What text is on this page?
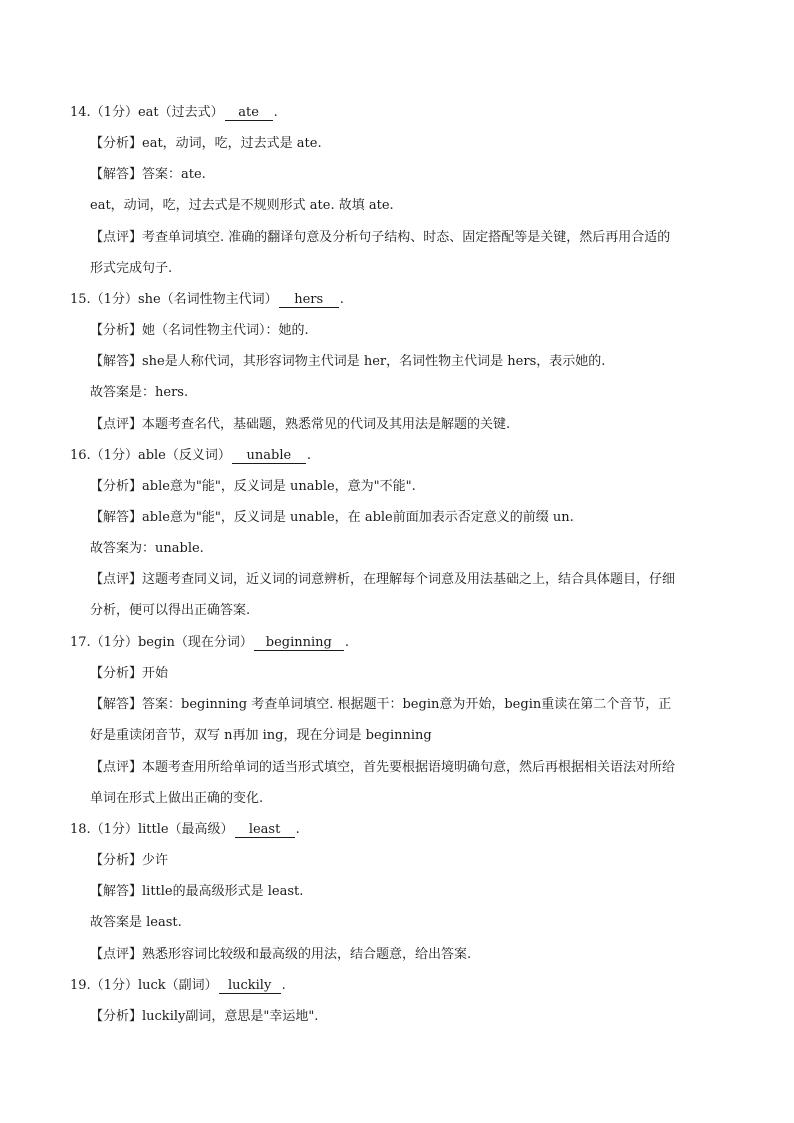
14.（1分）eat（过去式） ate .
【分析】eat，动词，吃，过去式是 ate.
【解答】答案：ate.
eat，动词，吃，过去式是不规则形式 ate. 故填 ate.
【点评】考查单词填空. 准确的翻译句意及分析句子结构、时态、固定搭配等是关键，然后再用合适的
形式完成句子.
15.（1分）she（名词性物主代词） hers .
【分析】她（名词性物主代词）：她的.
【解答】she是人称代词，其形容词物主代词是 her，名词性物主代词是 hers，表示她的.
故答案是：hers.
【点评】本题考查名代，基础题，熟悉常见的代词及其用法是解题的关键.
16.（1分）able（反义词） unable .
【分析】able意为"能"，反义词是 unable，意为"不能".
【解答】able意为"能"，反义词是 unable，在 able前面加表示否定意义的前缀 un.
故答案为：unable.
【点评】这题考查同义词，近义词的词意辨析，在理解每个词意及用法基础之上，结合具体题目，仔细
分析，便可以得出正确答案.
17.（1分）begin（现在分词） beginning .
【分析】开始
【解答】答案：beginning 考查单词填空. 根据题干：begin意为开始，begin重读在第二个音节，正
好是重读闭音节，双写 n再加 ing，现在分词是 beginning
【点评】本题考查用所给单词的适当形式填空，首先要根据语境明确句意，然后再根据相关语法对所给
单词在形式上做出正确的变化.
18.（1分）little（最高级） least .
【分析】少许
【解答】little的最高级形式是 least.
故答案是 least.
【点评】熟悉形容词比较级和最高级的用法，结合题意，给出答案.
19.（1分）luck（副词） luckily .
【分析】luckily副词，意思是"幸运地".
